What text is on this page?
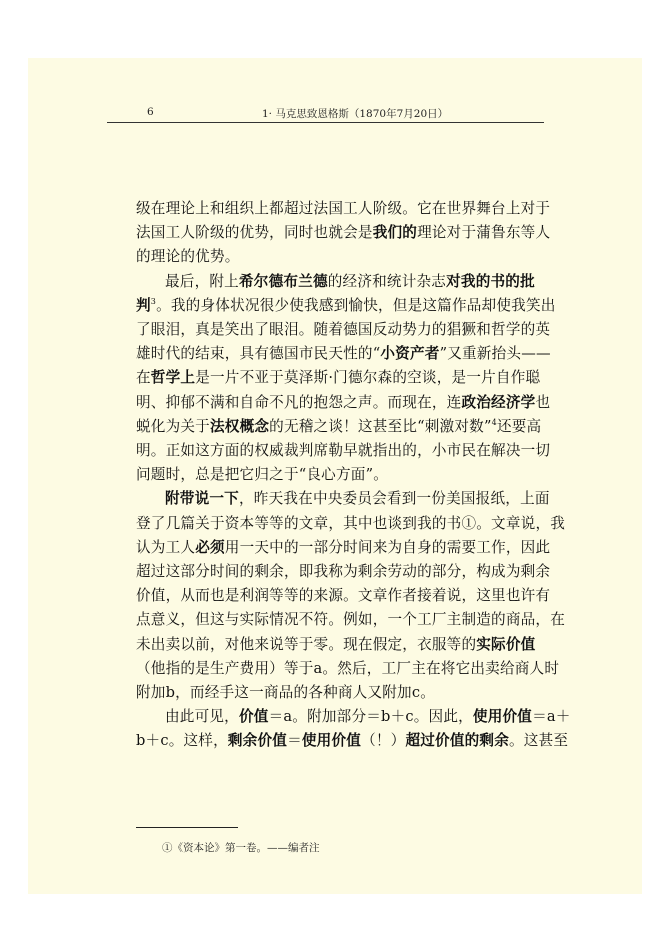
6	1· 马克思致恩格斯（1870年7月20日）
级在理论上和组织上都超过法国工人阶级。它在世界舞台上对于
法国工人阶级的优势，同时也就会是我们的理论对于蒲鲁东等人
的理论的优势。
最后，附上希尔德布兰德的经济和统计杂志对我的书的批
判$^3$。我的身体状况很少使我感到愉快，但是这篇作品却使我笑出
了眼泪，真是笑出了眼泪。随着德国反动势力的猖獗和哲学的英
雄时代的结束，具有德国市民天性的“小资产者”又重新抬头——
在哲学上是一片不亚于莫泽斯·门德尔森的空谈，是一片自作聪
明、抑郁不满和自命不凡的抱怨之声。而现在，连政治经济学也
蜕化为关于法权概念的无稽之谈！这甚至比“刺激对数”$^4$还要高
明。正如这方面的权威裁判席勒早就指出的，小市民在解决一切
问题时，总是把它归之于“良心方面”。
附带说一下，昨天我在中央委员会看到一份美国报纸，上面
登了几篇关于资本等等的文章，其中也谈到我的书①。文章说，我
认为工人必须用一天中的一部分时间来为自身的需要工作，因此
超过这部分时间的剩余，即我称为剩余劳动的部分，构成为剩余
价值，从而也是利润等等的来源。文章作者接着说，这里也许有
点意义，但这与实际情况不符。例如，一个工厂主制造的商品，在
未出卖以前，对他来说等于零。现在假定，衣服等的实际价值
（他指的是生产费用）等于a。然后，工厂主在将它出卖给商人时
附加b，而经手这一商品的各种商人又附加c。
由此可见，价值＝a。附加部分＝b＋c。因此，使用价值＝a＋
b＋c。这样，剩余价值＝使用价值（！）超过价值的剩余。这甚至
①《资本论》第一卷。——编者注
